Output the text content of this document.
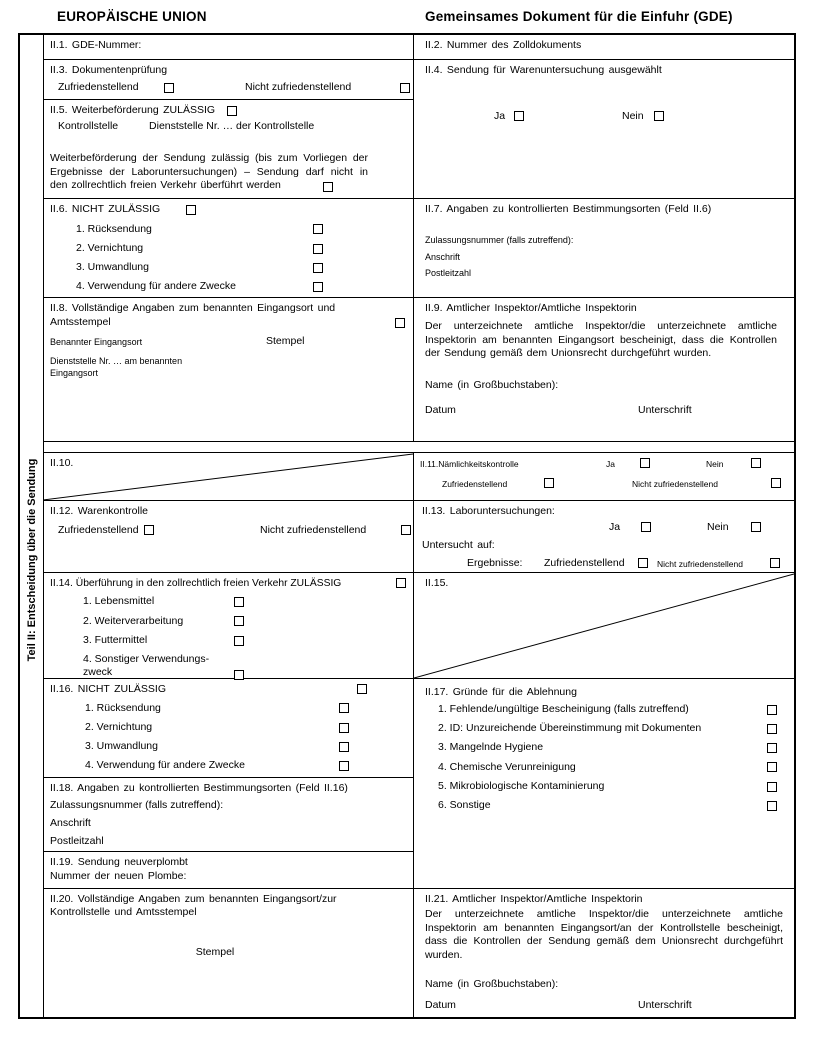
EUROPÄISCHE UNION	Gemeinsames Dokument für die Einfuhr (GDE)
Teil II: Entscheidung über die Sendung
II.1. GDE-Nummer:	II.2. Nummer des Zolldokuments
II.3. Dokumentenprüfung
Zufriedenstellend	Nicht zufriedenstellend
II.5. Weiterbeförderung ZULÄSSIG
Kontrollstelle	Dienststelle Nr. … der Kontrollstelle
Weiterbeförderung der Sendung zulässig (bis zum Vorliegen der Ergebnisse der Laboruntersuchungen) – Sendung darf nicht in den zollrechtlich freien Verkehr überführt werden
II.4. Sendung für Warenuntersuchung ausgewählt
Ja	Nein
II.6. NICHT ZULÄSSIG
1. Rücksendung
2. Vernichtung
3. Umwandlung
4. Verwendung für andere Zwecke
II.7. Angaben zu kontrollierten Bestimmungsorten (Feld II.6)
Zulassungsnummer (falls zutreffend):
Anschrift
Postleitzahl
II.8. Vollständige Angaben zum benannten Eingangsort und Amtsstempel
Benannter Eingangsort	Stempel
Dienststelle Nr. … am benannten Eingangsort
II.9. Amtlicher Inspektor/Amtliche Inspektorin
Der unterzeichnete amtliche Inspektor/die unterzeichnete amtliche Inspektorin am benannten Eingangsort bescheinigt, dass die Kontrollen der Sendung gemäß dem Unionsrecht durchgeführt wurden.
Name (in Großbuchstaben):
Datum	Unterschrift
II.10.	II.11.Nämlichkeitskontrolle	Ja	Nein
Zufriedenstellend	Nicht zufriedenstellend
II.12. Warenkontrolle
Zufriedenstellend	Nicht zufriedenstellend
II.13. Laboruntersuchungen:
Ja	Nein
Untersucht auf:
Ergebnisse: Zufriedenstellend	Nicht zufriedenstellend
II.14. Überführung in den zollrechtlich freien Verkehr ZULÄSSIG
1. Lebensmittel
2. Weiterverarbeitung
3. Futtermittel
4. Sonstiger Verwendungs-zweck
II.15.
II.16. NICHT ZULÄSSIG
1. Rücksendung
2. Vernichtung
3. Umwandlung
4. Verwendung für andere Zwecke
II.18. Angaben zu kontrollierten Bestimmungsorten (Feld II.16)
Zulassungsnummer (falls zutreffend):
Anschrift
Postleitzahl
II.19. Sendung neuverplombt
Nummer der neuen Plombe:
II.17. Gründe für die Ablehnung
1. Fehlende/ungültige Bescheinigung (falls zutreffend)
2. ID: Unzureichende Übereinstimmung mit Dokumenten
3. Mangelnde Hygiene
4. Chemische Verunreinigung
5. Mikrobiologische Kontaminierung
6. Sonstige
II.20. Vollständige Angaben zum benannten Eingangsort/zur Kontrollstelle und Amtsstempel
Stempel
II.21. Amtlicher Inspektor/Amtliche Inspektorin
Der unterzeichnete amtliche Inspektor/die unterzeichnete amtliche Inspektorin am benannten Eingangsort/an der Kontrollstelle bescheinigt, dass die Kontrollen der Sendung gemäß dem Unionsrecht durchgeführt wurden.
Name (in Großbuchstaben):
Datum	Unterschrift
